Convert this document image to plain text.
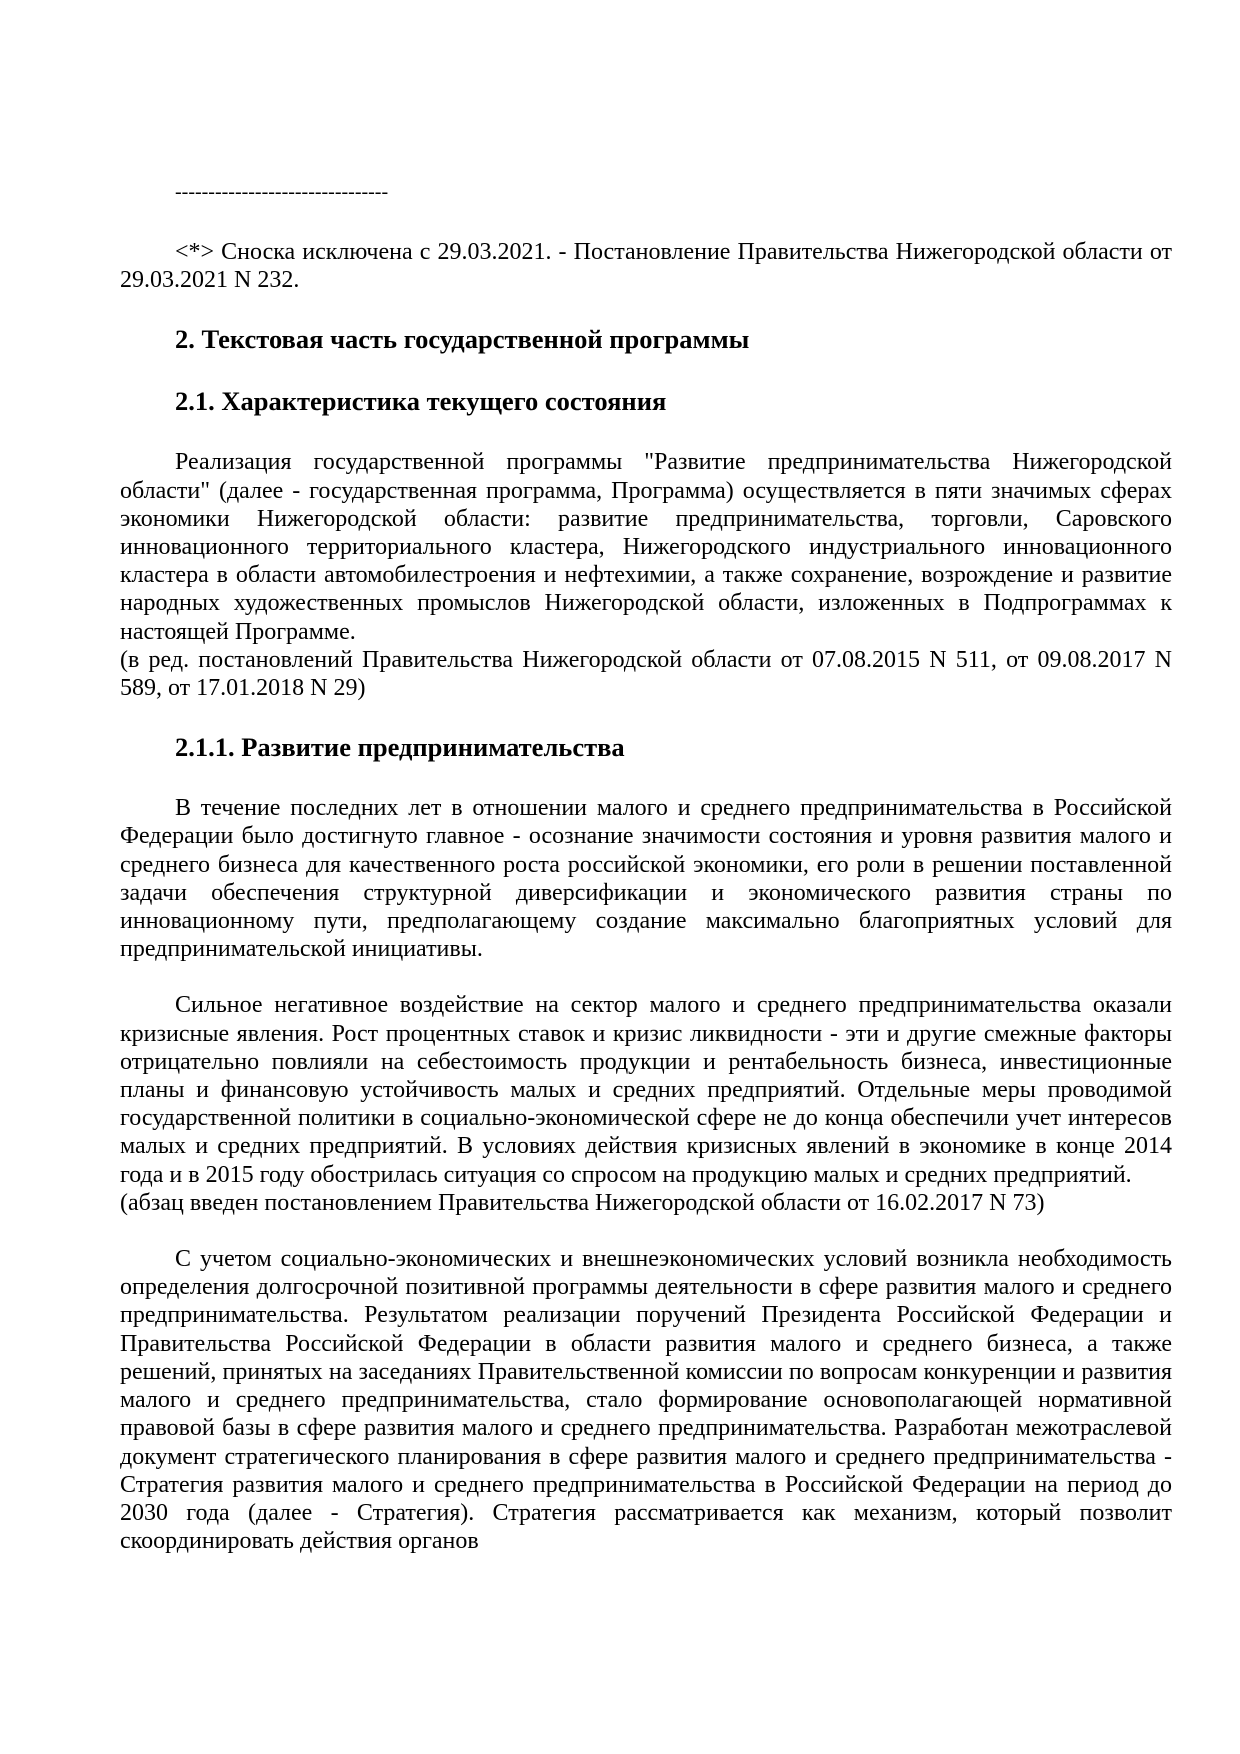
--------------------------------

<*> Сноска исключена с 29.03.2021. - Постановление Правительства Нижегородской области от 29.03.2021 N 232.

2. Текстовая часть государственной программы
2.1. Характеристика текущего состояния

Реализация государственной программы "Развитие предпринимательства Нижегородской области" (далее - государственная программа, Программа) осуществляется в пяти значимых сферах экономики Нижегородской области: развитие предпринимательства, торговли, Саровского инновационного территориального кластера, Нижегородского индустриального инновационного кластера в области автомобилестроения и нефтехимии, а также сохранение, возрождение и развитие народных художественных промыслов Нижегородской области, изложенных в Подпрограммах к настоящей Программе.

(в ред. постановлений Правительства Нижегородской области от 07.08.2015 N 511, от 09.08.2017 N 589, от 17.01.2018 N 29)

2.1.1. Развитие предпринимательства

В течение последних лет в отношении малого и среднего предпринимательства в Российской Федерации было достигнуто главное - осознание значимости состояния и уровня развития малого и среднего бизнеса для качественного роста российской экономики, его роли в решении поставленной задачи обеспечения структурной диверсификации и экономического развития страны по инновационному пути, предполагающему создание максимально благоприятных условий для предпринимательской инициативы.

Сильное негативное воздействие на сектор малого и среднего предпринимательства оказали кризисные явления. Рост процентных ставок и кризис ликвидности - эти и другие смежные факторы отрицательно повлияли на себестоимость продукции и рентабельность бизнеса, инвестиционные планы и финансовую устойчивость малых и средних предприятий. Отдельные меры проводимой государственной политики в социально-экономической сфере не до конца обеспечили учет интересов малых и средних предприятий. В условиях действия кризисных явлений в экономике в конце 2014 года и в 2015 году обострилась ситуация со спросом на продукцию малых и средних предприятий.

(абзац введен постановлением Правительства Нижегородской области от 16.02.2017 N 73)

С учетом социально-экономических и внешнеэкономических условий возникла необходимость определения долгосрочной позитивной программы деятельности в сфере развития малого и среднего предпринимательства. Результатом реализации поручений Президента Российской Федерации и Правительства Российской Федерации в области развития малого и среднего бизнеса, а также решений, принятых на заседаниях Правительственной комиссии по вопросам конкуренции и развития малого и среднего предпринимательства, стало формирование основополагающей нормативной правовой базы в сфере развития малого и среднего предпринимательства. Разработан межотраслевой документ стратегического планирования в сфере развития малого и среднего предпринимательства - Стратегия развития малого и среднего предпринимательства в Российской Федерации на период до 2030 года (далее - Стратегия). Стратегия рассматривается как механизм, который позволит скоординировать действия органов
